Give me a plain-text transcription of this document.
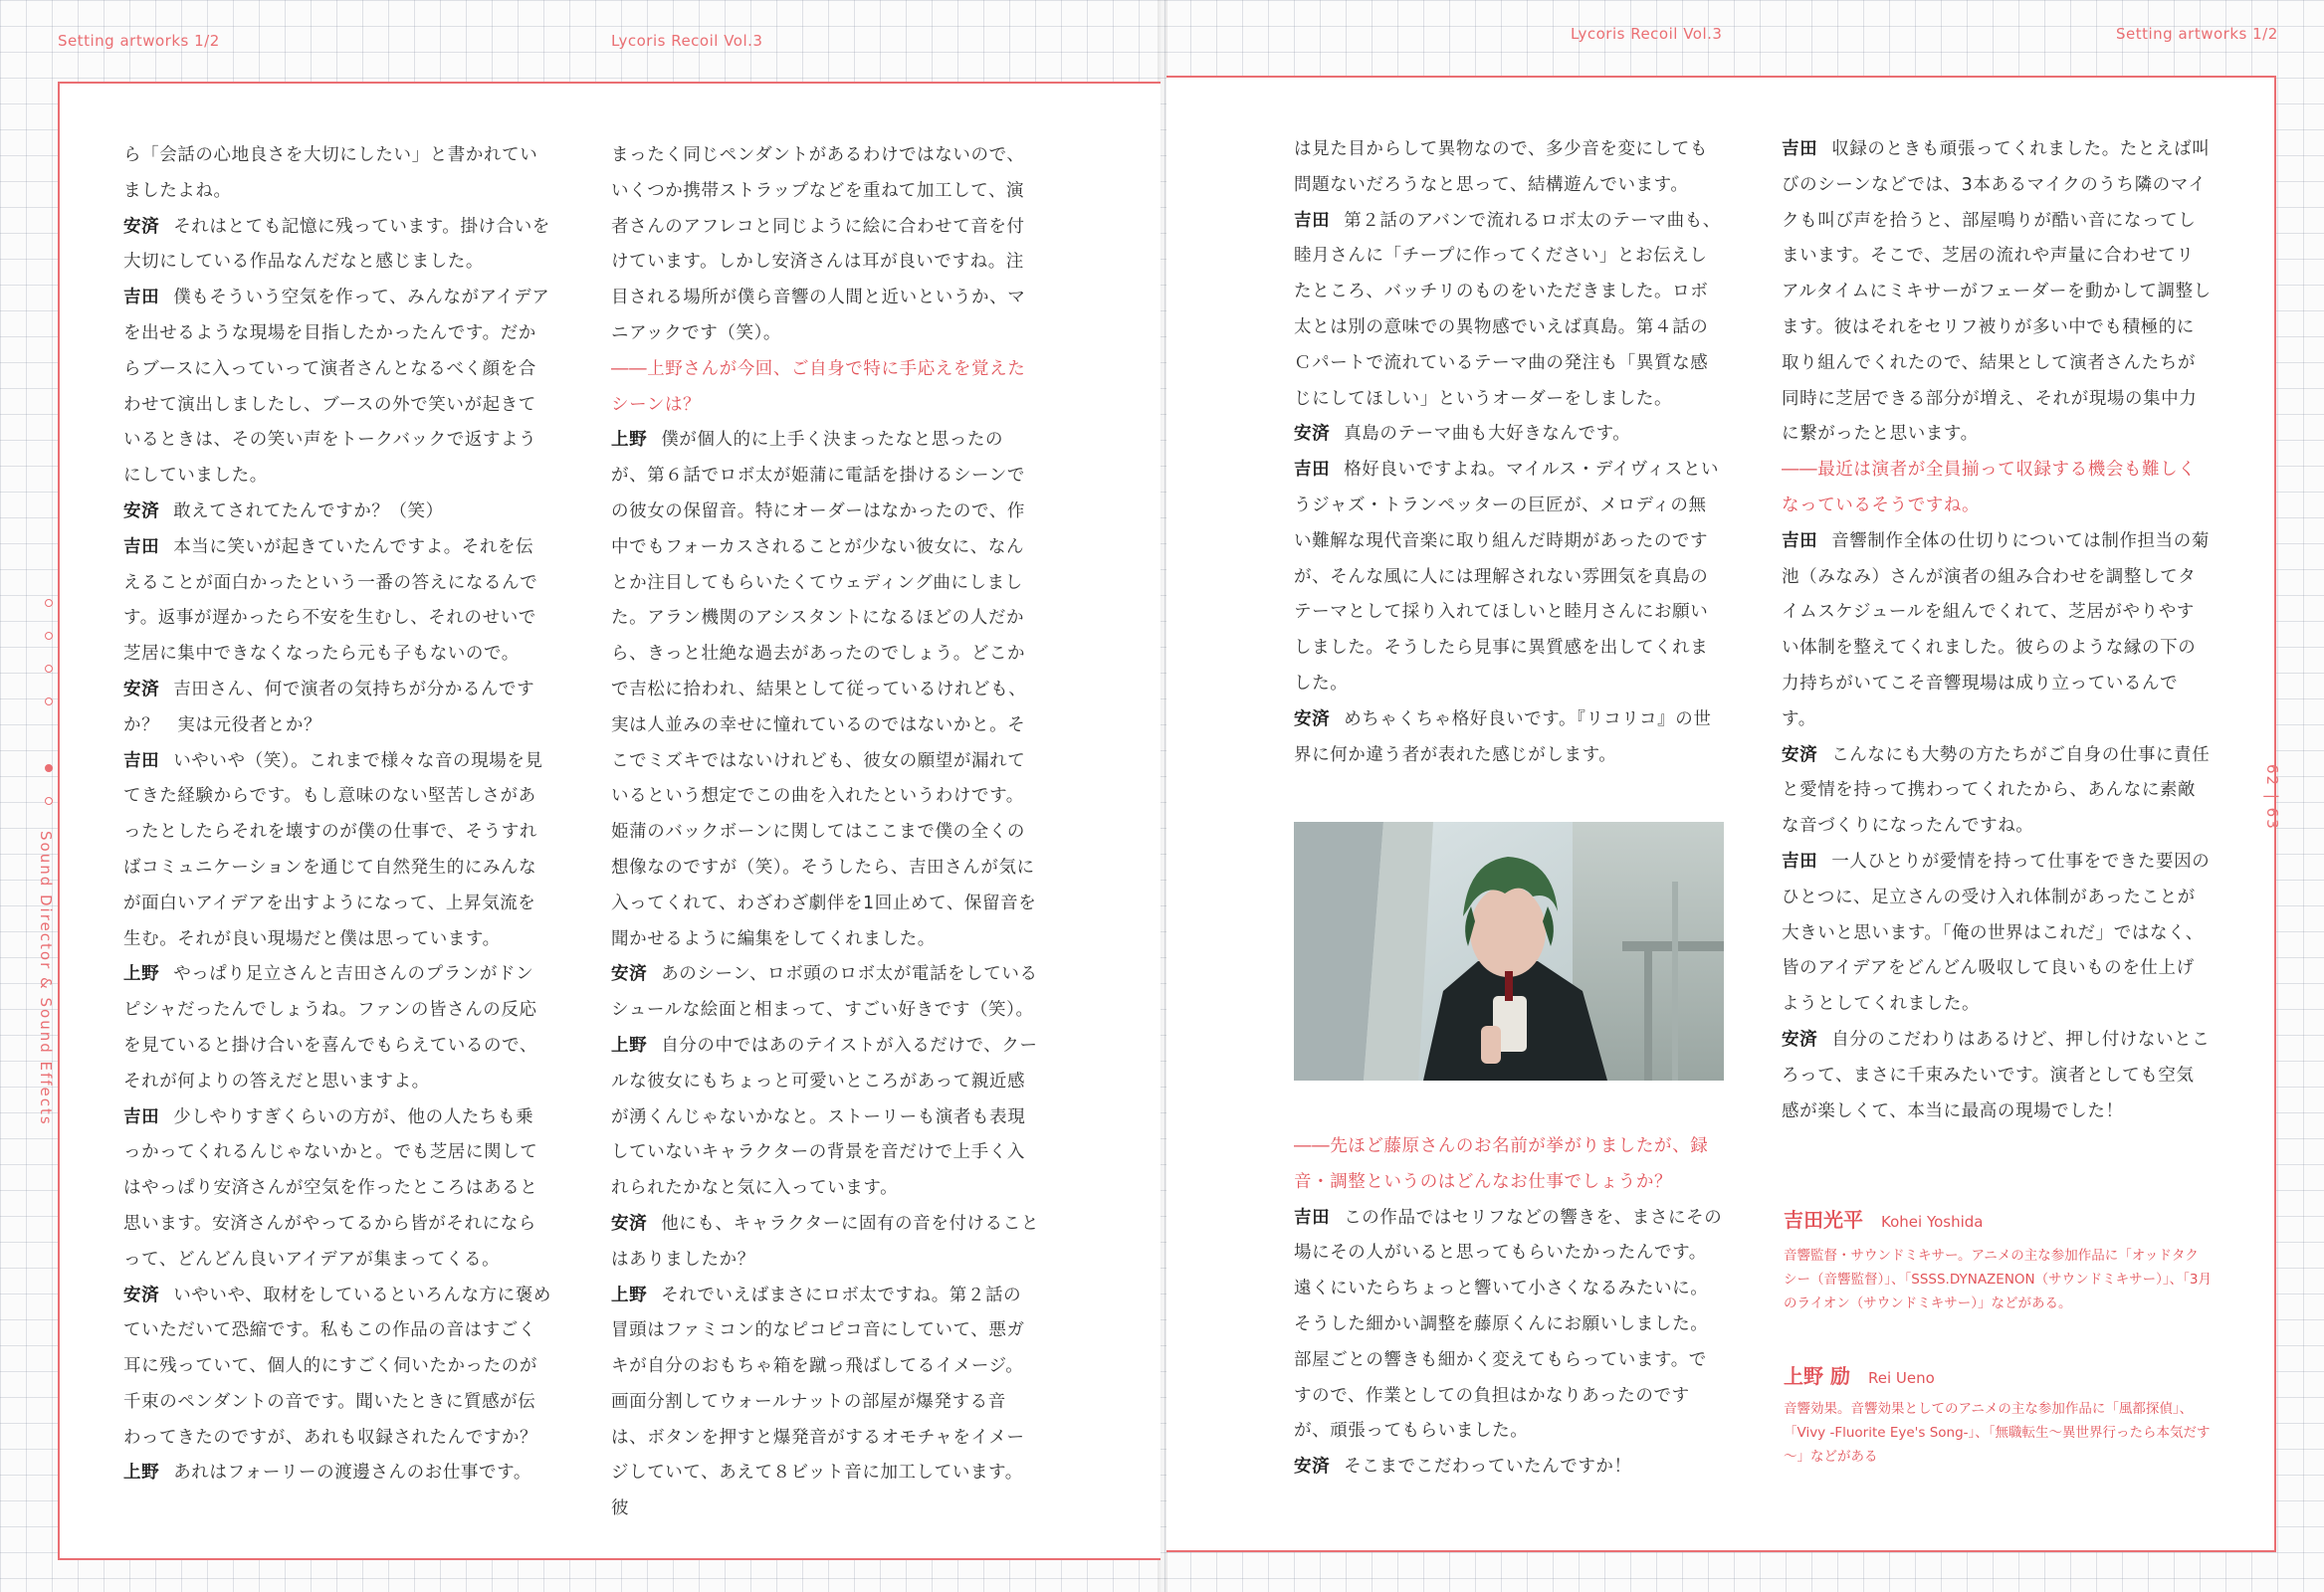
Setting artworks 1/2	Lycoris Recoil Vol.3	Lycoris Recoil Vol.3	Setting artworks 1/2
Sound Director & Sound Effects
62 | 63

ら「会話の心地良さを大切にしたい」と書かれていましたよね。

安済 それはとても記憶に残っています。掛け合いを大切にしている作品なんだなと感じました。

吉田 僕もそういう空気を作って、みんながアイデアを出せるような現場を目指したかったんです。だからブースに入っていって演者さんとなるべく顔を合わせて演出しましたし、ブースの外で笑いが起きているときは、その笑い声をトークバックで返すようにしていました。

安済 敢えてされてたんですか？（笑）

吉田 本当に笑いが起きていたんですよ。それを伝えることが面白かったという一番の答えになるんです。返事が遅かったら不安を生むし、それのせいで芝居に集中できなくなったら元も子もないので。

安済 吉田さん、何で演者の気持ちが分かるんですか？　実は元役者とか？

吉田 いやいや（笑）。これまで様々な音の現場を見てきた経験からです。もし意味のない堅苦しさがあったとしたらそれを壊すのが僕の仕事で、そうすればコミュニケーションを通じて自然発生的にみんなが面白いアイデアを出すようになって、上昇気流を生む。それが良い現場だと僕は思っています。

上野 やっぱり足立さんと吉田さんのプランがドンピシャだったんでしょうね。ファンの皆さんの反応を見ていると掛け合いを喜んでもらえているので、それが何よりの答えだと思いますよ。

吉田 少しやりすぎくらいの方が、他の人たちも乗っかってくれるんじゃないかと。でも芝居に関してはやっぱり安済さんが空気を作ったところはあると思います。安済さんがやってるから皆がそれにならって、どんどん良いアイデアが集まってくる。

安済 いやいや、取材をしているといろんな方に褒めていただいて恐縮です。私もこの作品の音はすごく耳に残っていて、個人的にすごく伺いたかったのが千束のペンダントの音です。聞いたときに質感が伝わってきたのですが、あれも収録されたんですか？

上野 あれはフォーリーの渡邊さんのお仕事です。

まったく同じペンダントがあるわけではないので、いくつか携帯ストラップなどを重ねて加工して、演者さんのアフレコと同じように絵に合わせて音を付けています。しかし安済さんは耳が良いですね。注目される場所が僕ら音響の人間と近いというか、マニアックです（笑）。

――上野さんが今回、ご自身で特に手応えを覚えたシーンは？

上野 僕が個人的に上手く決まったなと思ったのが、第６話でロボ太が姫蒲に電話を掛けるシーンでの彼女の保留音。特にオーダーはなかったので、作中でもフォーカスされることが少ない彼女に、なんとか注目してもらいたくてウェディング曲にしました。アラン機関のアシスタントになるほどの人だから、きっと壮絶な過去があったのでしょう。どこかで吉松に拾われ、結果として従っているけれども、実は人並みの幸せに憧れているのではないかと。そこでミズキではないけれども、彼女の願望が漏れているという想定でこの曲を入れたというわけです。姫蒲のバックボーンに関してはここまで僕の全くの想像なのですが（笑）。そうしたら、吉田さんが気に入ってくれて、わざわざ劇伴を1回止めて、保留音を聞かせるように編集をしてくれました。

安済 あのシーン、ロボ頭のロボ太が電話をしているシュールな絵面と相まって、すごい好きです（笑）。

上野 自分の中ではあのテイストが入るだけで、クールな彼女にもちょっと可愛いところがあって親近感が湧くんじゃないかなと。ストーリーも演者も表現していないキャラクターの背景を音だけで上手く入れられたかなと気に入っています。

安済 他にも、キャラクターに固有の音を付けることはありましたか？

上野 それでいえばまさにロボ太ですね。第２話の冒頭はファミコン的なピコピコ音にしていて、悪ガキが自分のおもちゃ箱を蹴っ飛ばしてるイメージ。画面分割してウォールナットの部屋が爆発する音は、ボタンを押すと爆発音がするオモチャをイメージしていて、あえて８ビット音に加工しています。彼

は見た目からして異物なので、多少音を変にしても問題ないだろうなと思って、結構遊んでいます。

吉田 第２話のアバンで流れるロボ太のテーマ曲も、睦月さんに「チープに作ってください」とお伝えしたところ、バッチリのものをいただきました。ロボ太とは別の意味での異物感でいえば真島。第４話のＣパートで流れているテーマ曲の発注も「異質な感じにしてほしい」というオーダーをしました。

安済 真島のテーマ曲も大好きなんです。

吉田 格好良いですよね。マイルス・デイヴィスというジャズ・トランペッターの巨匠が、メロディの無い難解な現代音楽に取り組んだ時期があったのですが、そんな風に人には理解されない雰囲気を真島のテーマとして採り入れてほしいと睦月さんにお願いしました。そうしたら見事に異質感を出してくれました。

安済 めちゃくちゃ格好良いです。『リコリコ』の世界に何か違う者が表れた感じがします。

――先ほど藤原さんのお名前が挙がりましたが、録音・調整というのはどんなお仕事でしょうか？

吉田 この作品ではセリフなどの響きを、まさにその場にその人がいると思ってもらいたかったんです。遠くにいたらちょっと響いて小さくなるみたいに。そうした細かい調整を藤原くんにお願いしました。部屋ごとの響きも細かく変えてもらっています。ですので、作業としての負担はかなりあったのですが、頑張ってもらいました。

安済 そこまでこだわっていたんですか！

吉田 収録のときも頑張ってくれました。たとえば叫びのシーンなどでは、3本あるマイクのうち隣のマイクも叫び声を拾うと、部屋鳴りが酷い音になってしまいます。そこで、芝居の流れや声量に合わせてリアルタイムにミキサーがフェーダーを動かして調整します。彼はそれをセリフ被りが多い中でも積極的に取り組んでくれたので、結果として演者さんたちが同時に芝居できる部分が増え、それが現場の集中力に繋がったと思います。

――最近は演者が全員揃って収録する機会も難しくなっているそうですね。

吉田 音響制作全体の仕切りについては制作担当の菊池（みなみ）さんが演者の組み合わせを調整してタイムスケジュールを組んでくれて、芝居がやりやすい体制を整えてくれました。彼らのような縁の下の力持ちがいてこそ音響現場は成り立っているんです。

安済 こんなにも大勢の方たちがご自身の仕事に責任と愛情を持って携わってくれたから、あんなに素敵な音づくりになったんですね。

吉田 一人ひとりが愛情を持って仕事をできた要因のひとつに、足立さんの受け入れ体制があったことが大きいと思います。「俺の世界はこれだ」ではなく、皆のアイデアをどんどん吸収して良いものを仕上げようとしてくれました。

安済 自分のこだわりはあるけど、押し付けないところって、まさに千束みたいです。演者としても空気感が楽しくて、本当に最高の現場でした！

吉田光平 Kohei Yoshida
音響監督・サウンドミキサー。アニメの主な参加作品に「オッドタクシー（音響監督）」、「SSSS.DYNAZENON（サウンドミキサー）」、「3月のライオン（サウンドミキサー）」などがある。
上野 励 Rei Ueno
音響効果。音響効果としてのアニメの主な参加作品に「風都探偵」、「Vivy -Fluorite Eye's Song-」、「無職転生～異世界行ったら本気だす～」などがある
